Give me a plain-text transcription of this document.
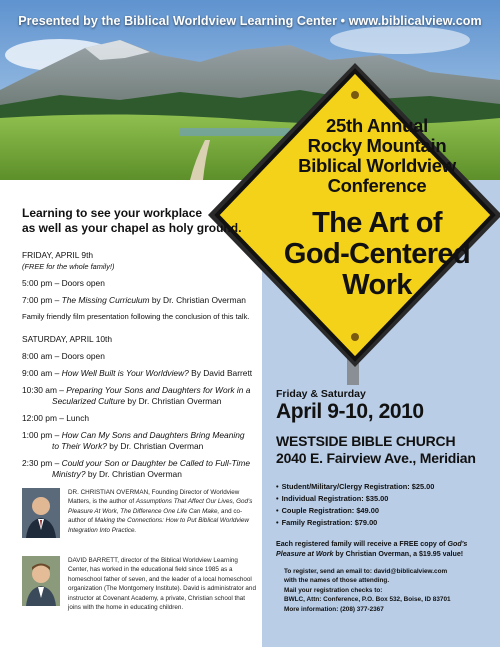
Presented by the Biblical Worldview Learning Center • www.biblicalview.com
25th Annual
Rocky Mountain
Biblical Worldview
Conference
The Art of
God-Centered
Work
Learning to see your workplace
as well as your chapel as holy ground.
FRIDAY, APRIL 9th
(FREE for the whole family!)
5:00 pm – Doors open
7:00 pm – The Missing Curriculum by Dr. Christian Overman
Family friendly film presentation following the conclusion of this talk.
SATURDAY, APRIL 10th
8:00 am – Doors open
9:00 am – How Well Built is Your Worldview? By David Barrett
10:30 am – Preparing Your Sons and Daughters for Work in a
Secularized Culture by Dr. Christian Overman
12:00 pm – Lunch
1:00 pm – How Can My Sons and Daughters Bring Meaning
to Their Work? by Dr. Christian Overman
2:30 pm – Could your Son or Daughter be Called to Full-Time
Ministry? by Dr. Christian Overman
DR. CHRISTIAN OVERMAN, Founding Director of Worldview Matters, is the author of Assumptions That Affect Our Lives, God's Pleasure At Work, The Difference One Life Can Make, and co-author of Making the Connections: How to Put Biblical Worldview Integration Into Practice.
DAVID BARRETT, director of the Biblical Worldview Learning Center, has worked in the educational field since 1985 as a homeschool father of seven, and the leader of a local homeschool organization (The Montgomery Institute). David is administrator and instructor at Covenant Academy, a private, Christian school that joins with the home in educating children.
Friday & Saturday
April 9-10, 2010
WESTSIDE BIBLE CHURCH
2040 E. Fairview Ave., Meridian
• Student/Military/Clergy Registration: $25.00
• Individual Registration: $35.00
• Couple Registration: $49.00
• Family Registration: $79.00
Each registered family will receive a FREE copy of God's Pleasure at Work by Christian Overman, a $19.95 value!
To register, send an email to: david@biblicalview.com
with the names of those attending.
Mail your registration checks to:
BWLC, Attn: Conference, P.O. Box 532, Boise, ID 83701
More information: (208) 377-2367
